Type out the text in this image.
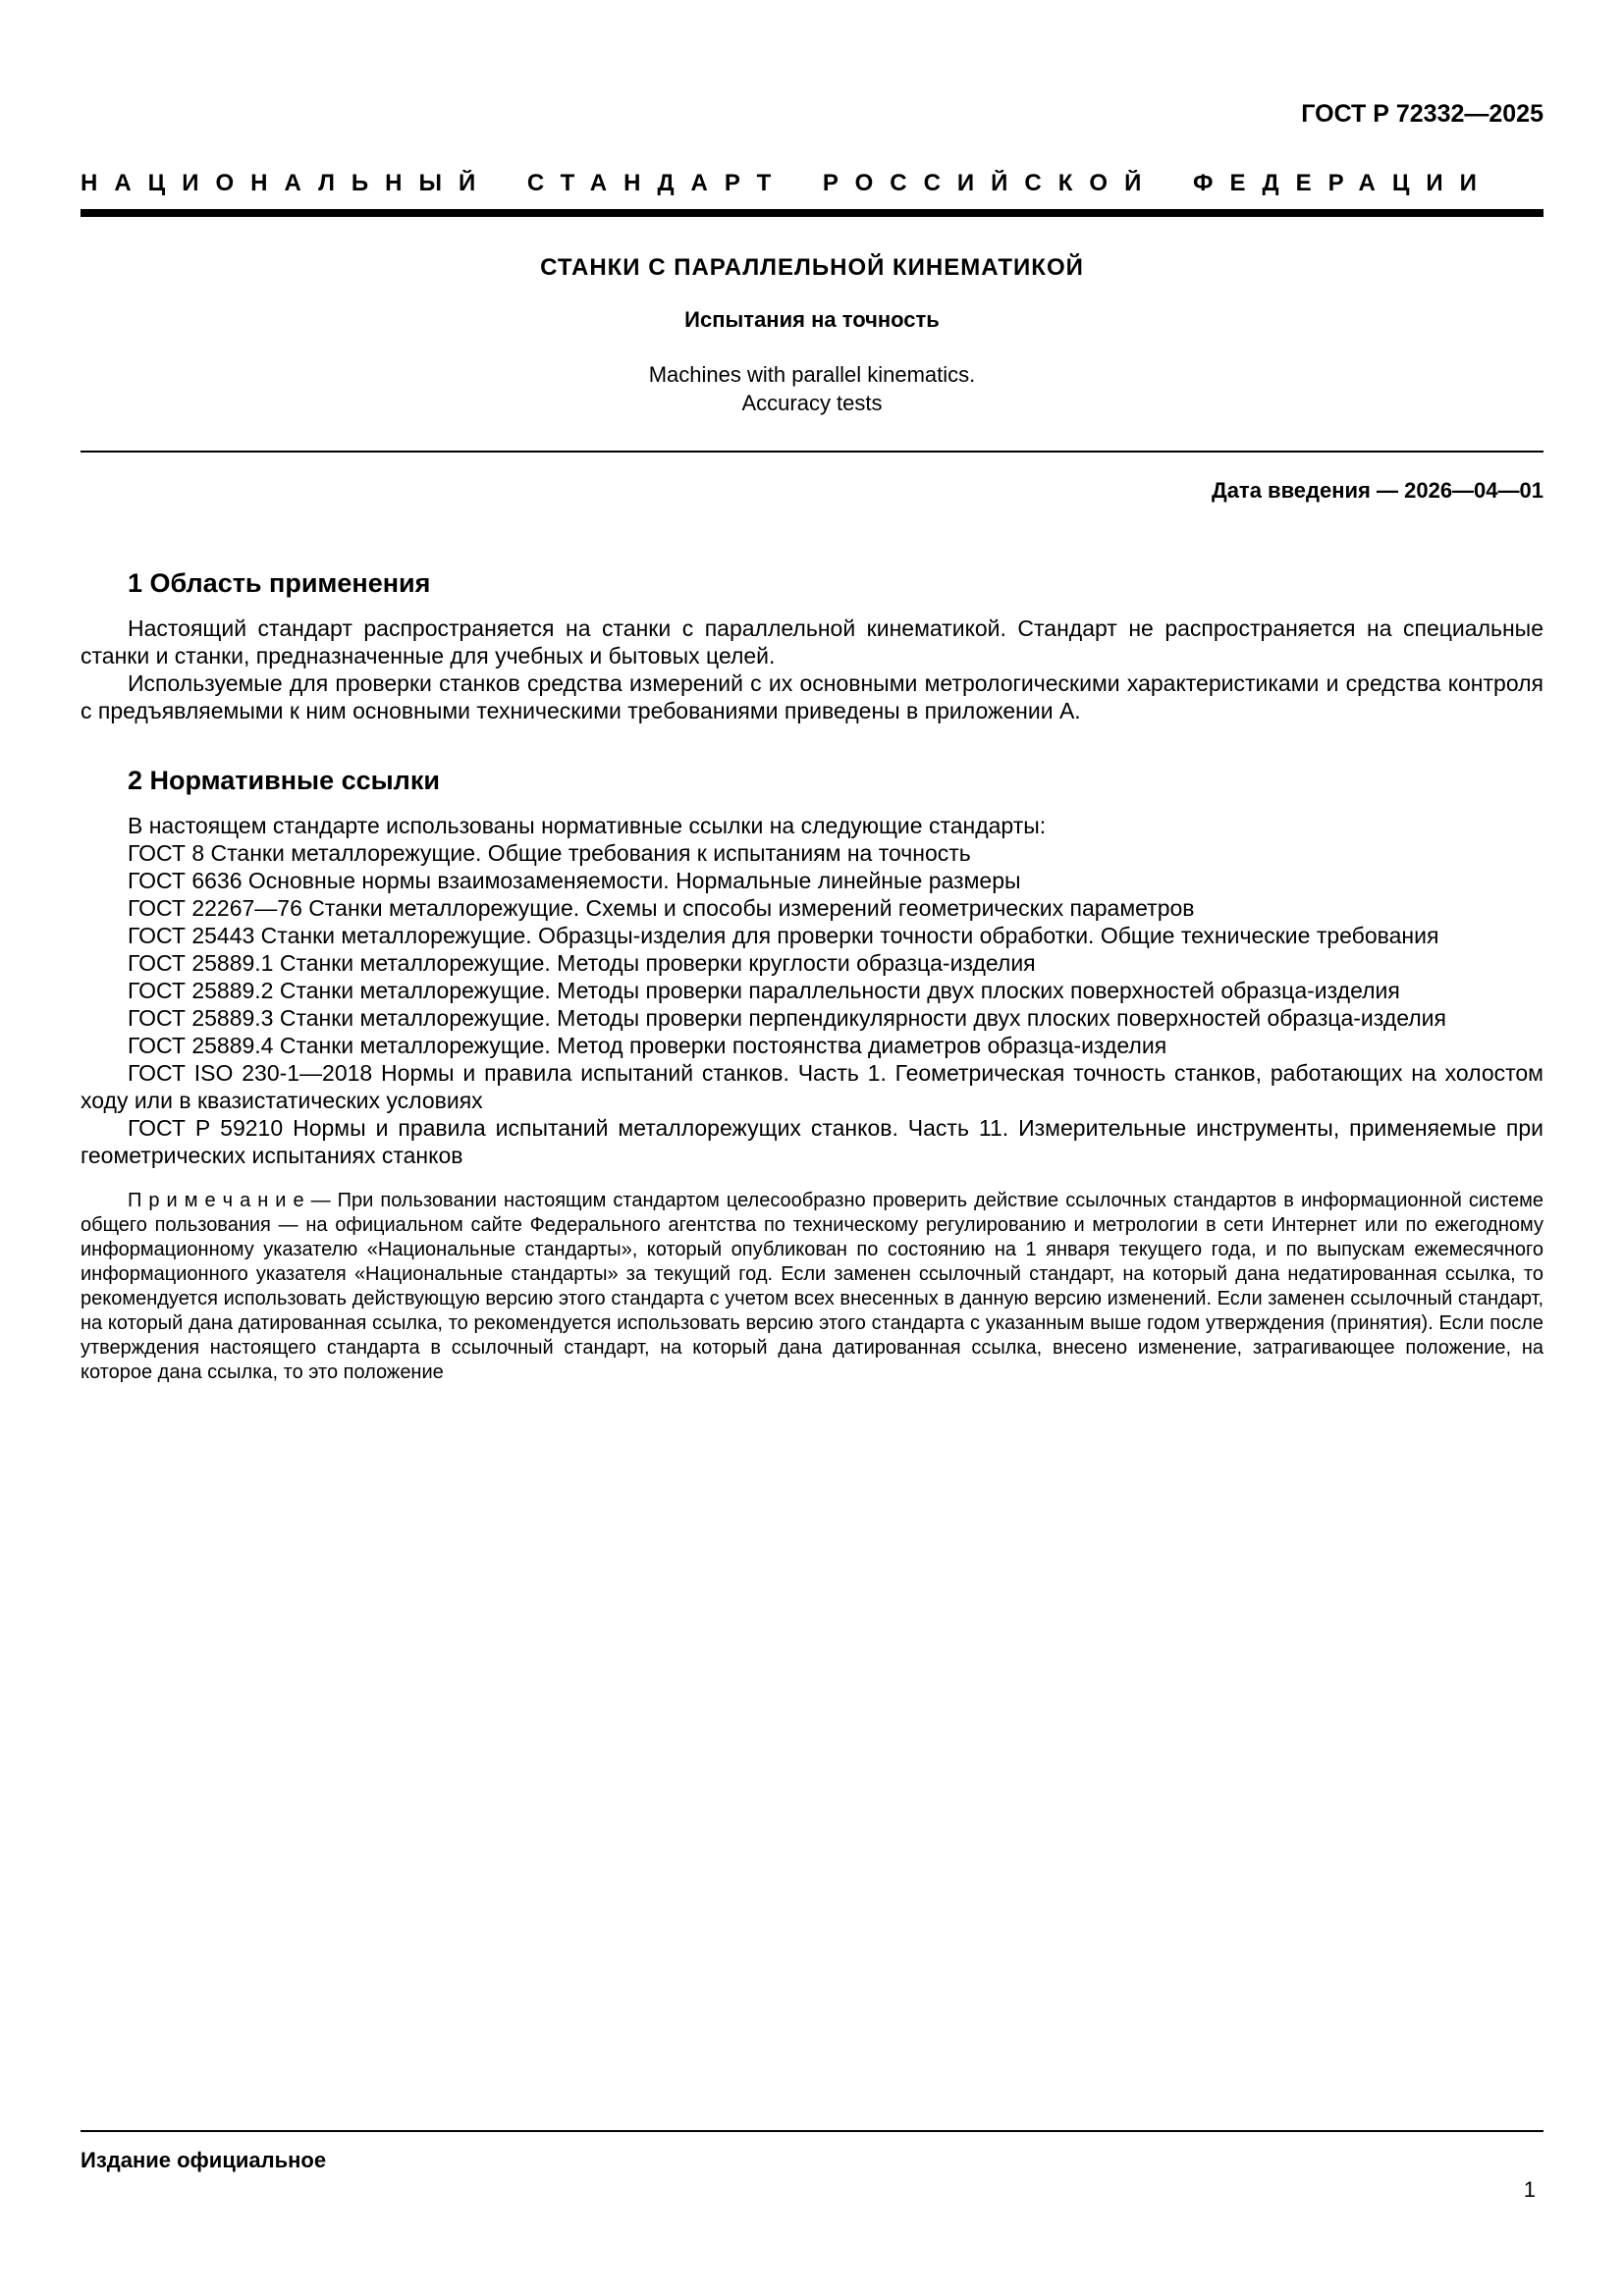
ГОСТ Р 72332—2025
НАЦИОНАЛЬНЫЙ СТАНДАРТ РОССИЙСКОЙ ФЕДЕРАЦИИ
СТАНКИ С ПАРАЛЛЕЛЬНОЙ КИНЕМАТИКОЙ
Испытания на точность
Machines with parallel kinematics.
Accuracy tests
Дата введения — 2026—04—01
1 Область применения

Настоящий стандарт распространяется на станки с параллельной кинематикой. Стандарт не распространяется на специальные станки и станки, предназначенные для учебных и бытовых целей.

Используемые для проверки станков средства измерений с их основными метрологическими характеристиками и средства контроля с предъявляемыми к ним основными техническими требованиями приведены в приложении А.

2 Нормативные ссылки

В настоящем стандарте использованы нормативные ссылки на следующие стандарты:

ГОСТ 8 Станки металлорежущие. Общие требования к испытаниям на точность

ГОСТ 6636 Основные нормы взаимозаменяемости. Нормальные линейные размеры

ГОСТ 22267—76 Станки металлорежущие. Схемы и способы измерений геометрических параметров

ГОСТ 25443 Станки металлорежущие. Образцы-изделия для проверки точности обработки. Общие технические требования

ГОСТ 25889.1 Станки металлорежущие. Методы проверки круглости образца-изделия

ГОСТ 25889.2 Станки металлорежущие. Методы проверки параллельности двух плоских поверхностей образца-изделия

ГОСТ 25889.3 Станки металлорежущие. Методы проверки перпендикулярности двух плоских поверхностей образца-изделия

ГОСТ 25889.4 Станки металлорежущие. Метод проверки постоянства диаметров образца-изделия

ГОСТ ISO 230-1—2018 Нормы и правила испытаний станков. Часть 1. Геометрическая точность станков, работающих на холостом ходу или в квазистатических условиях

ГОСТ Р 59210 Нормы и правила испытаний металлорежущих станков. Часть 11. Измерительные инструменты, применяемые при геометрических испытаниях станков

П р и м е ч а н и е — При пользовании настоящим стандартом целесообразно проверить действие ссылочных стандартов в информационной системе общего пользования — на официальном сайте Федерального агентства по техническому регулированию и метрологии в сети Интернет или по ежегодному информационному указателю «Национальные стандарты», который опубликован по состоянию на 1 января текущего года, и по выпускам ежемесячного информационного указателя «Национальные стандарты» за текущий год. Если заменен ссылочный стандарт, на который дана недатированная ссылка, то рекомендуется использовать действующую версию этого стандарта с учетом всех внесенных в данную версию изменений. Если заменен ссылочный стандарт, на который дана датированная ссылка, то рекомендуется использовать версию этого стандарта с указанным выше годом утверждения (принятия). Если после утверждения настоящего стандарта в ссылочный стандарт, на который дана датированная ссылка, внесено изменение, затрагивающее положение, на которое дана ссылка, то это положение

Издание официальное
1
